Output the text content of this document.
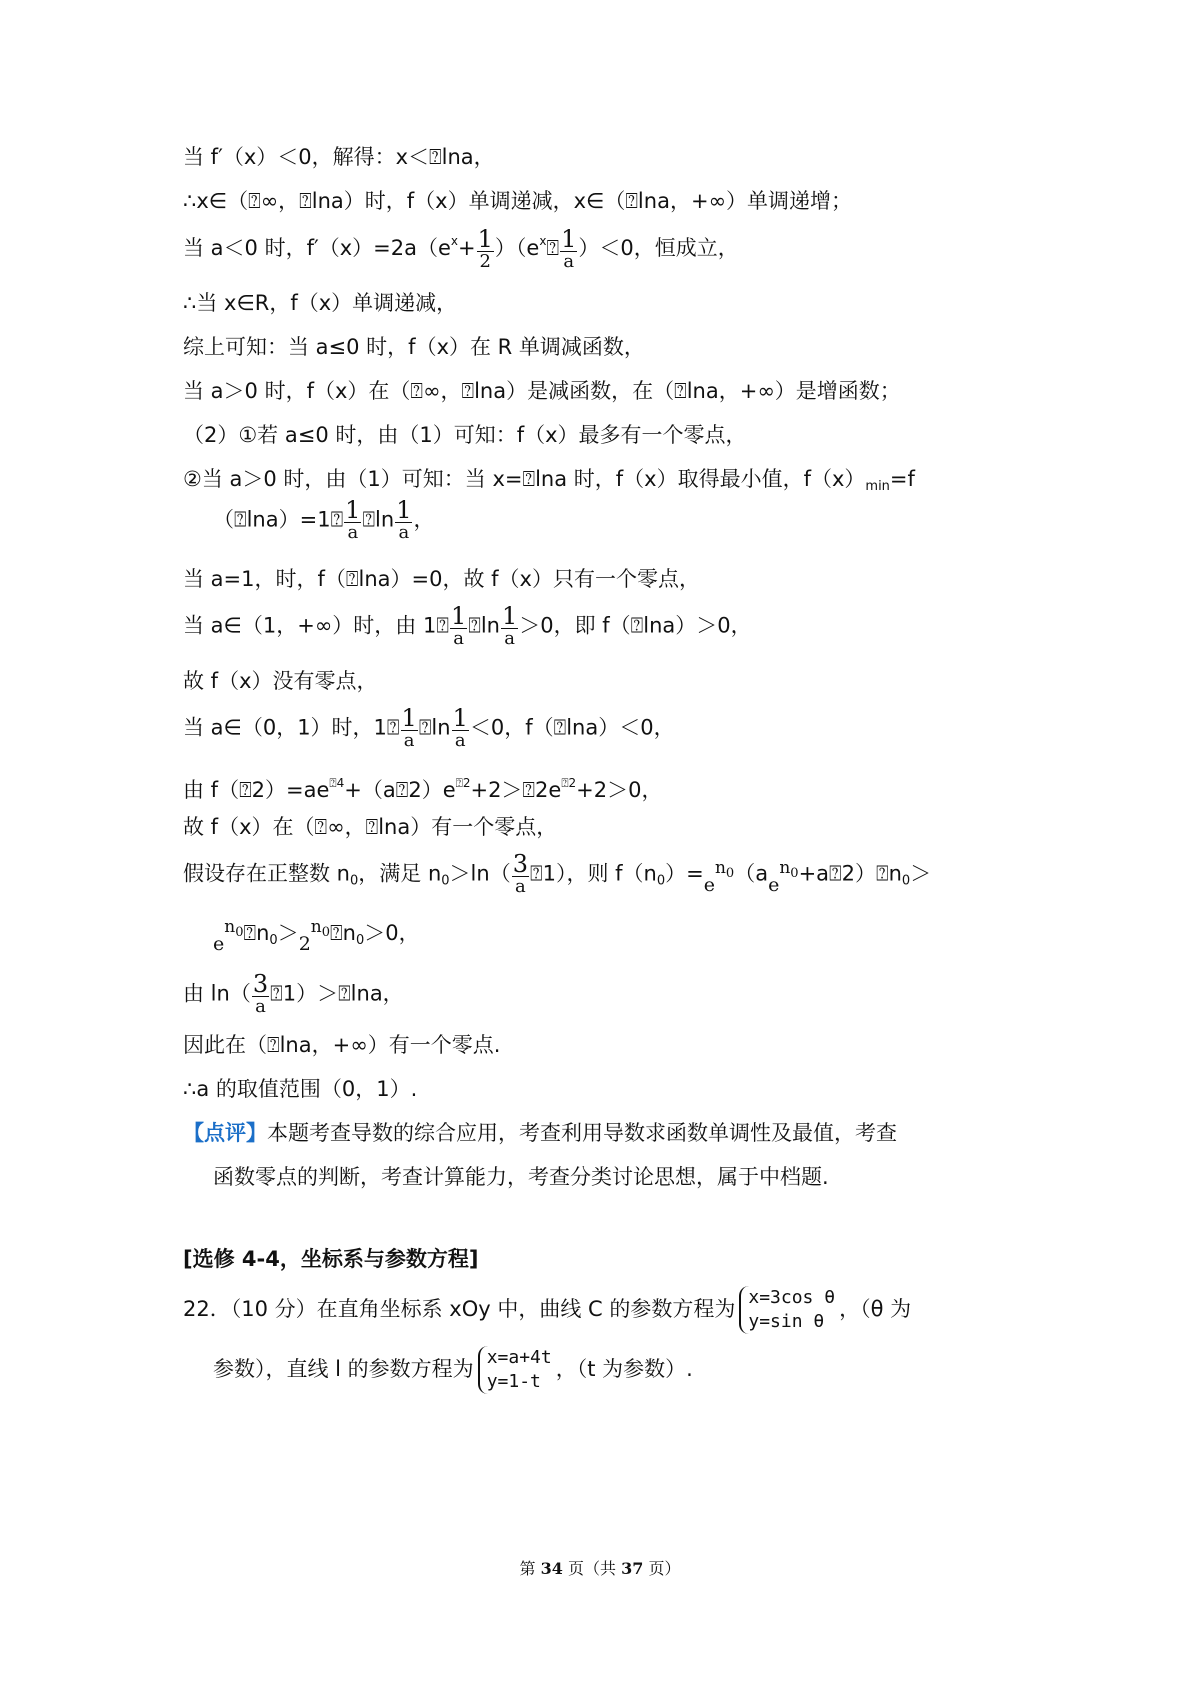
当 f′（x）＜0，解得：x＜⍰lna，
∴x∈（⍰∞，⍰lna）时，f（x）单调递减，x∈（⍰lna，+∞）单调递增；
当 a＜0 时，$f'(x)=2a(e^x+ \frac{1}{2}$ ）$(e^x⍰ \frac{1}{a} )<0$，恒成立，
∴当 x∈R，f（x）单调递减，
综上可知：当 a≤0 时，f（x）在 R 单调减函数，
当 a＞0 时，f（x）在（⍰∞，⍰lna）是减函数，在（⍰lna，+∞）是增函数；
（2）①若 a≤0 时，由（1）可知：f（x）最多有一个零点，
②当 a＞0 时，由（1）可知：当 x=⍰lna 时，f（x）取得最小值，$f(x)_{min}=f$
（⍰lna）=1⍰ $\frac{1}{a}$ ⍰ln $\frac{1}{a}$ ，
当 a=1，时，f（⍰lna）=0，故 f（x）只有一个零点，
当 a∈（1，+∞）时，由 1⍰ $\frac{1}{a}$ ⍰ln $\frac{1}{a} >0$，即 f（⍰lna）＞0，
故 f（x）没有零点，
当 a∈（0，1）时，1⍰ $\frac{1}{a}$ ⍰ln $\frac{1}{a} <0$，f（⍰lna）＜0，
由 $f(⍰2)=ae^{⍰4}+(a⍰2)e^{⍰2}+2>⍰2e^{⍰2}+2>0$，
故 f（x）在（⍰∞，⍰lna）有一个零点，
假设存在正整数 $n_0$，满足 $n_0>\ln( \frac{3}{a}$ ⍰1），则 $f(n_0)=e^{n_0}(ae^{n_0}+a⍰2)⍰n_0>$
$e^{n_0}⍰n_0>2^{n_0}⍰n_0>0$，
由 $\ln( \frac{3}{a}$ ⍰1）＞⍰lna，
因此在（⍰lna，+∞）有一个零点.
∴a 的取值范围（0，1）.
【点评】本题考查导数的综合应用，考查利用导数求函数单调性及最值，考查
函数零点的判断，考查计算能力，考查分类讨论思想，属于中档题.
[选修 4-4，坐标系与参数方程]
22．（10 分）在直角坐标系 xOy 中，曲线 C 的参数方程为 x=3cos θ
y=sin θ
，（θ 为
参数），直线 l 的参数方程为 x=a+4t
y=1-t
，（t 为参数）.
第 34 页（共 37 页）
